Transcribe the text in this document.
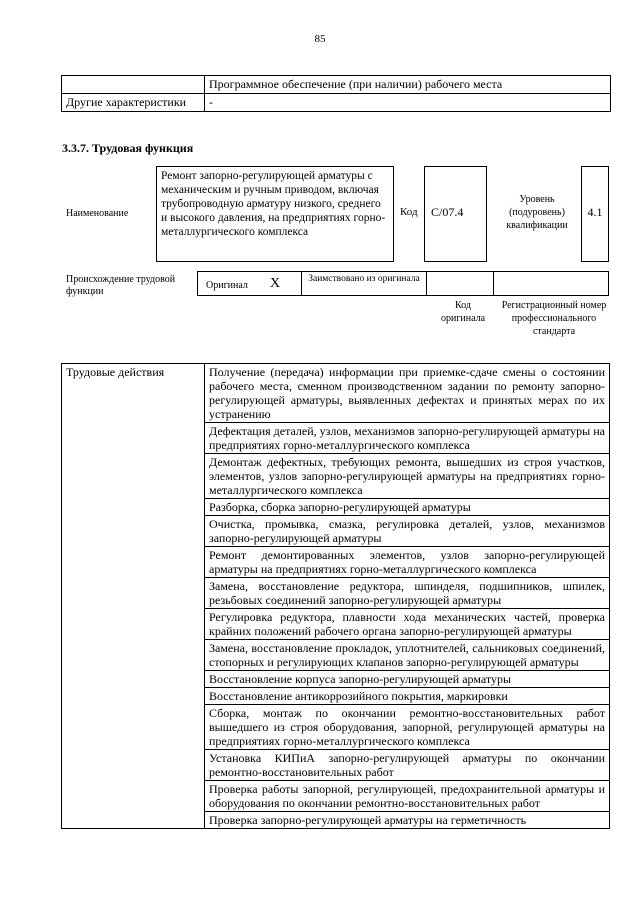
85
	Программное обеспечение (при наличии) рабочего места
Другие характеристики	-
3.3.7. Трудовая функция
Наименование
Ремонт запорно-регулирующей арматуры с механическим и ручным приводом, включая трубопроводную арматуру низкого, среднего и высокого давления, на предприятиях горно-металлургического комплекса
Код	С/07.4
Уровень (подуровень) квалификации
4.1
Происхождение трудовой функции
Оригинал X	Заимствовано из оригинала
Код оригинала
Регистрационный номер профессионального стандарта
Трудовые действия	Получение (передача) информации при приемке-сдаче смены о состоянии рабочего места, сменном производственном задании по ремонту запорно-регулирующей арматуры, выявленных дефектах и принятых мерах по их устранению
Дефектация деталей, узлов, механизмов запорно-регулирующей арматуры на предприятиях горно-металлургического комплекса
Демонтаж дефектных, требующих ремонта, вышедших из строя участков, элементов, узлов запорно-регулирующей арматуры на предприятиях горно-металлургического комплекса
Разборка, сборка запорно-регулирующей арматуры
Очистка, промывка, смазка, регулировка деталей, узлов, механизмов запорно-регулирующей арматуры
Ремонт демонтированных элементов, узлов запорно-регулирующей арматуры на предприятиях горно-металлургического комплекса
Замена, восстановление редуктора, шпинделя, подшипников, шпилек, резьбовых соединений запорно-регулирующей арматуры
Регулировка редуктора, плавности хода механических частей, проверка крайних положений рабочего органа запорно-регулирующей арматуры
Замена, восстановление прокладок, уплотнителей, сальниковых соединений, стопорных и регулирующих клапанов запорно-регулирующей арматуры
Восстановление корпуса запорно-регулирующей арматуры
Восстановление антикоррозийного покрытия, маркировки
Сборка, монтаж по окончании ремонтно-восстановительных работ вышедшего из строя оборудования, запорной, регулирующей арматуры на предприятиях горно-металлургического комплекса
Установка КИПиА запорно-регулирующей арматуры по окончании ремонтно-восстановительных работ
Проверка работы запорной, регулирующей, предохранительной арматуры и оборудования по окончании ремонтно-восстановительных работ
Проверка запорно-регулирующей арматуры на герметичность
